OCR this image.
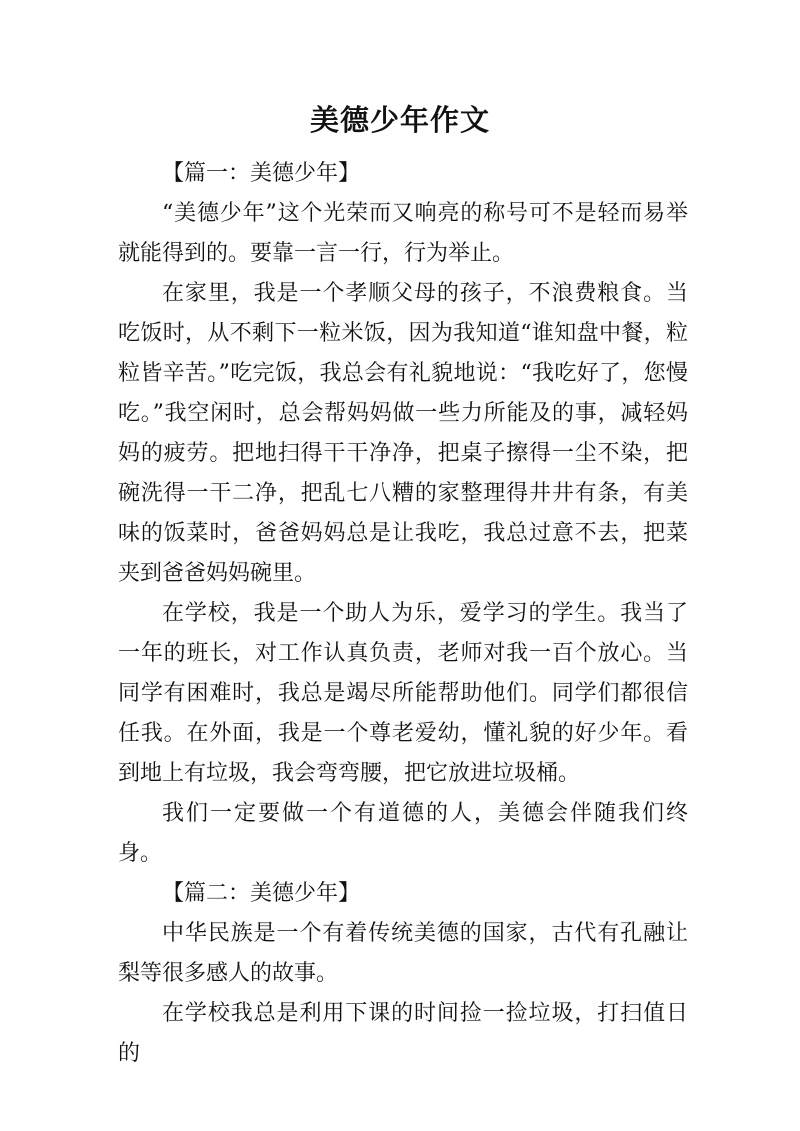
美德少年作文

【篇一：美德少年】

“美德少年”这个光荣而又响亮的称号可不是轻而易举就能得到的。要靠一言一行，行为举止。

在家里，我是一个孝顺父母的孩子，不浪费粮食。当吃饭时，从不剩下一粒米饭，因为我知道“谁知盘中餐，粒粒皆辛苦。”吃完饭，我总会有礼貌地说：“我吃好了，您慢吃。”我空闲时，总会帮妈妈做一些力所能及的事，减轻妈妈的疲劳。把地扫得干干净净，把桌子擦得一尘不染，把碗洗得一干二净，把乱七八糟的家整理得井井有条，有美味的饭菜时，爸爸妈妈总是让我吃，我总过意不去，把菜夹到爸爸妈妈碗里。

在学校，我是一个助人为乐，爱学习的学生。我当了一年的班长，对工作认真负责，老师对我一百个放心。当同学有困难时，我总是竭尽所能帮助他们。同学们都很信任我。在外面，我是一个尊老爱幼，懂礼貌的好少年。看到地上有垃圾，我会弯弯腰，把它放进垃圾桶。

我们一定要做一个有道德的人，美德会伴随我们终身。

【篇二：美德少年】

中华民族是一个有着传统美德的国家，古代有孔融让梨等很多感人的故事。

在学校我总是利用下课的时间捡一捡垃圾，打扫值日的
